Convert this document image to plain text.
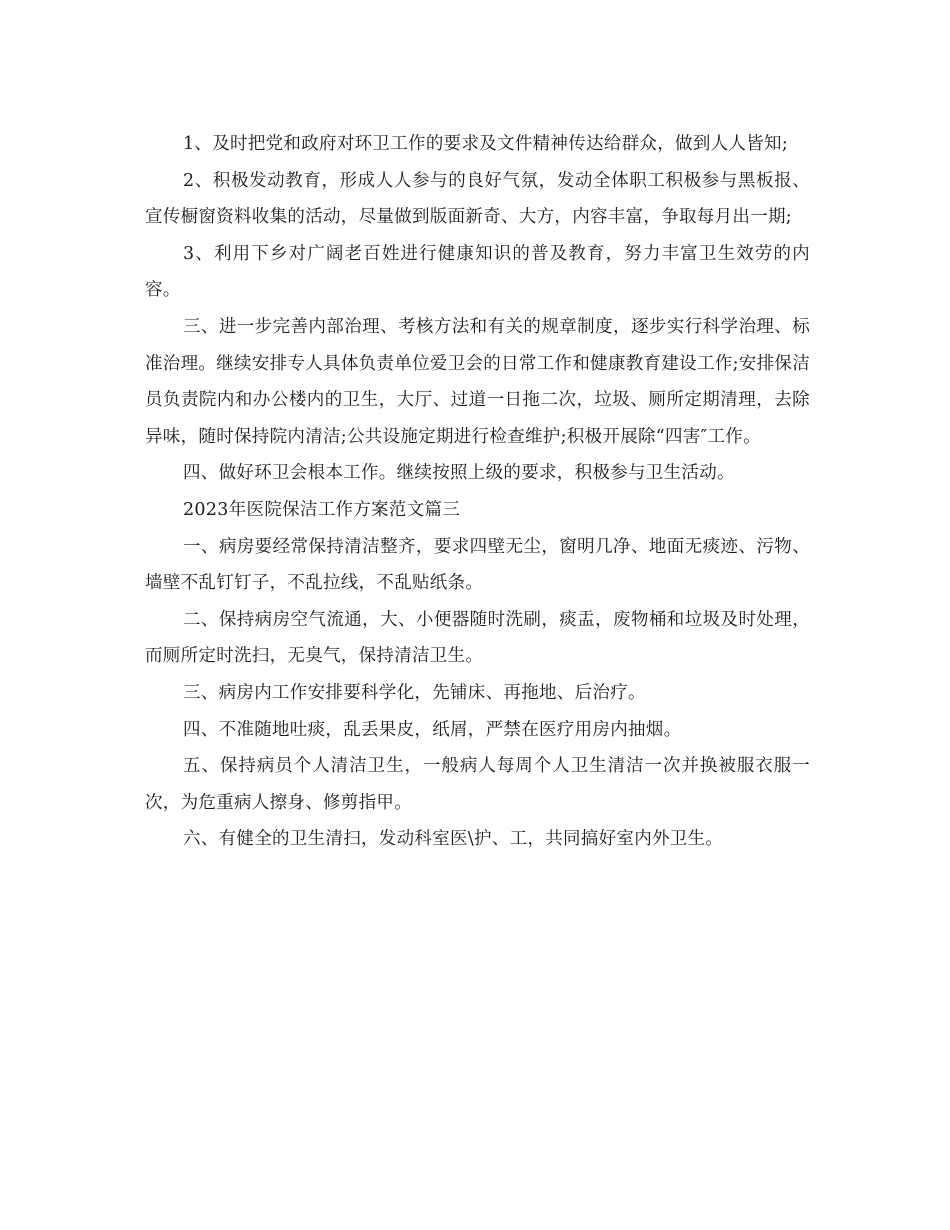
1、及时把党和政府对环卫工作的要求及文件精神传达给群众，做到人人皆知;

2、积极发动教育，形成人人参与的良好气氛，发动全体职工积极参与黑板报、宣传橱窗资料收集的活动，尽量做到版面新奇、大方，内容丰富，争取每月出一期;

3、利用下乡对广阔老百姓进行健康知识的普及教育，努力丰富卫生效劳的内容。

三、进一步完善内部治理、考核方法和有关的规章制度，逐步实行科学治理、标准治理。继续安排专人具体负责单位爱卫会的日常工作和健康教育建设工作;安排保洁员负责院内和办公楼内的卫生，大厅、过道一日拖二次，垃圾、厕所定期清理，去除异味，随时保持院内清洁;公共设施定期进行检查维护;积极开展除“四害″工作。

四、做好环卫会根本工作。继续按照上级的要求，积极参与卫生活动。

2023年医院保洁工作方案范文篇三

一、病房要经常保持清洁整齐，要求四壁无尘，窗明几净、地面无痰迹、污物、墙壁不乱钉钉子，不乱拉线，不乱贴纸条。

二、保持病房空气流通，大、小便器随时洗刷，痰盂，废物桶和垃圾及时处理，而厕所定时洗扫，无臭气，保持清洁卫生。

三、病房内工作安排要科学化，先铺床、再拖地、后治疗。

四、不准随地吐痰，乱丢果皮，纸屑，严禁在医疗用房内抽烟。

五、保持病员个人清洁卫生，一般病人每周个人卫生清洁一次并换被服衣服一次，为危重病人擦身、修剪指甲。

六、有健全的卫生清扫，发动科室医\护、工，共同搞好室内外卫生。
